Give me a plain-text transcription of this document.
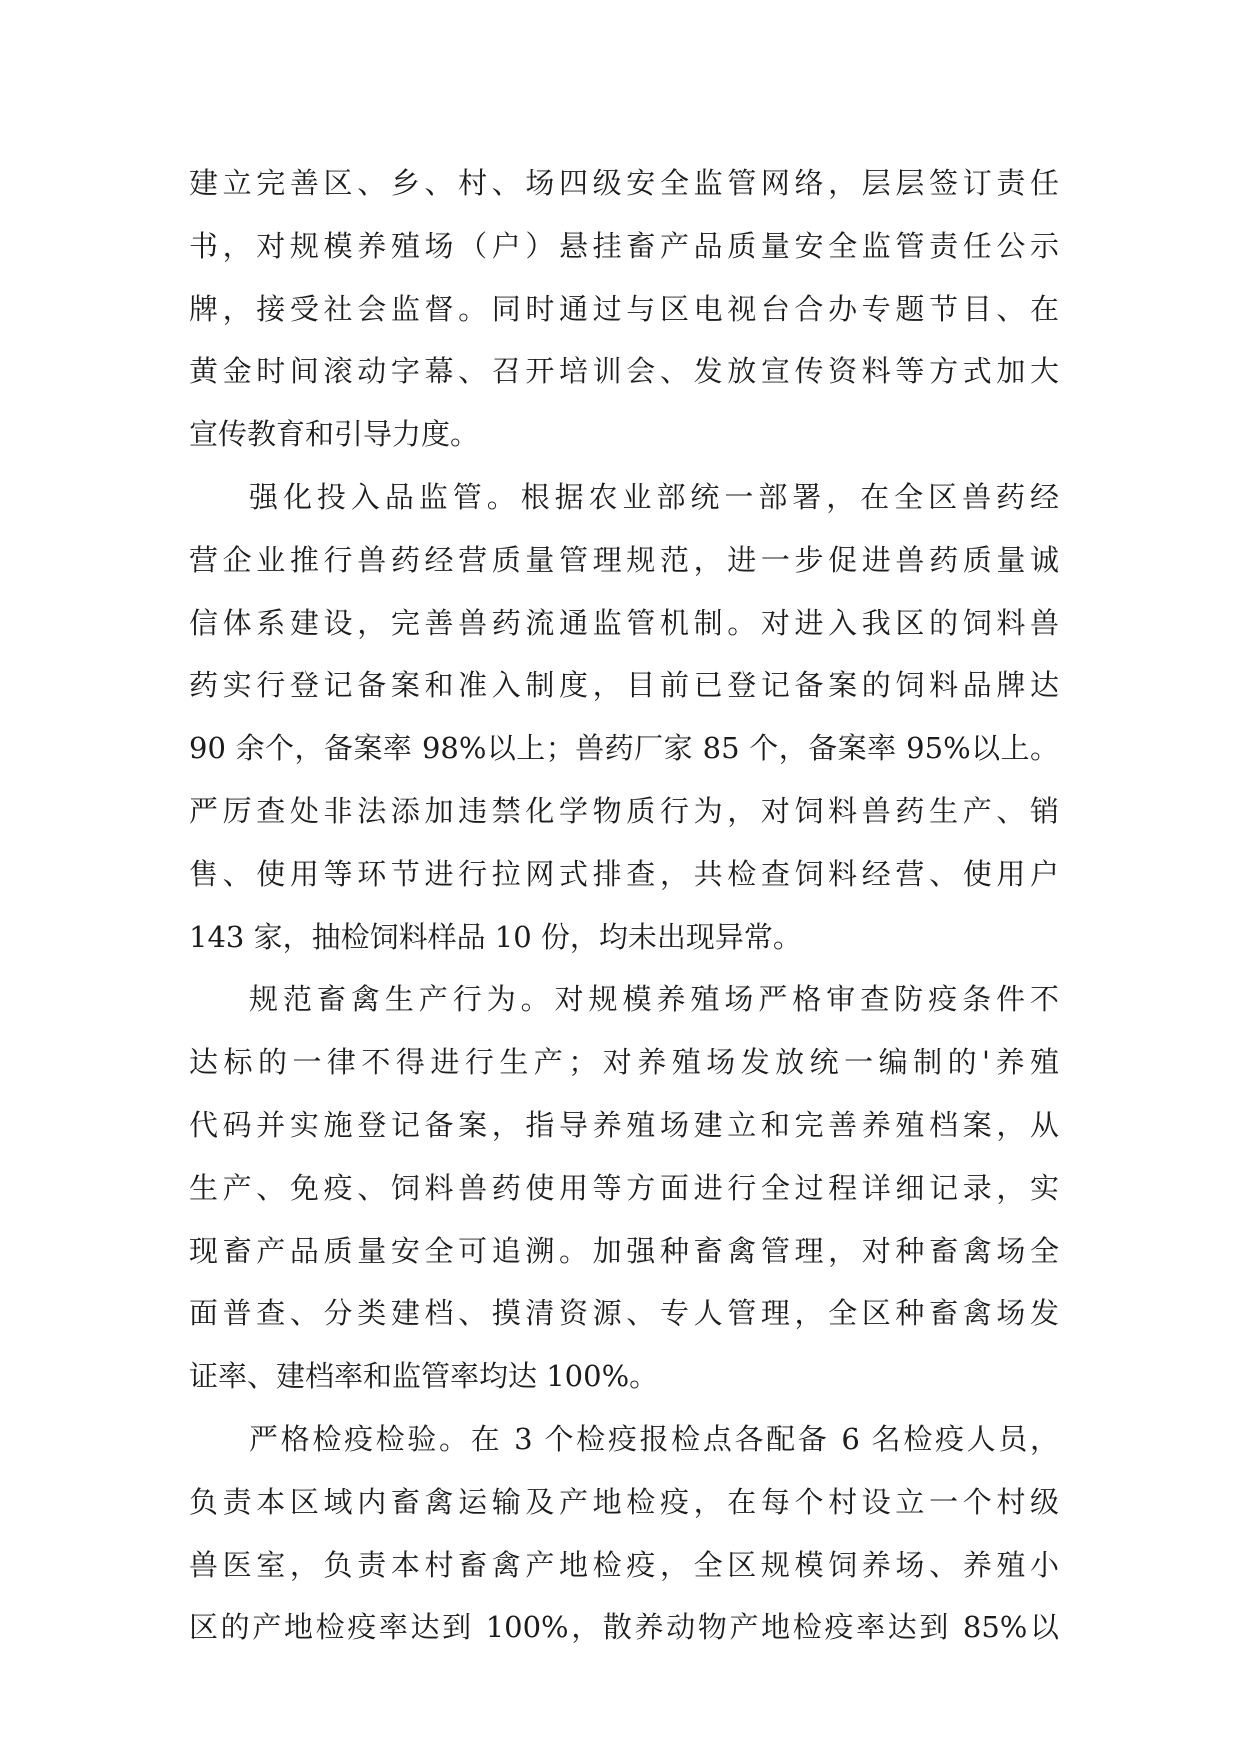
建立完善区、乡、村、场四级安全监管网络，层层签订责任
书，对规模养殖场（户）悬挂畜产品质量安全监管责任公示
牌，接受社会监督。同时通过与区电视台合办专题节目、在
黄金时间滚动字幕、召开培训会、发放宣传资料等方式加大
宣传教育和引导力度。
强化投入品监管。根据农业部统一部署，在全区兽药经
营企业推行兽药经营质量管理规范，进一步促进兽药质量诚
信体系建设，完善兽药流通监管机制。对进入我区的饲料兽
药实行登记备案和准入制度，目前已登记备案的饲料品牌达
90 余个，备案率 98%以上；兽药厂家 85 个，备案率 95%以上。
严厉查处非法添加违禁化学物质行为，对饲料兽药生产、销
售、使用等环节进行拉网式排查，共检查饲料经营、使用户
143 家，抽检饲料样品 10 份，均未出现异常。
规范畜禽生产行为。对规模养殖场严格审查防疫条件不
达标的一律不得进行生产；对养殖场发放统一编制的'养殖
代码并实施登记备案，指导养殖场建立和完善养殖档案，从
生产、免疫、饲料兽药使用等方面进行全过程详细记录，实
现畜产品质量安全可追溯。加强种畜禽管理，对种畜禽场全
面普查、分类建档、摸清资源、专人管理，全区种畜禽场发
证率、建档率和监管率均达 100%。
严格检疫检验。在 3 个检疫报检点各配备 6 名检疫人员，
负责本区域内畜禽运输及产地检疫，在每个村设立一个村级
兽医室，负责本村畜禽产地检疫，全区规模饲养场、养殖小
区的产地检疫率达到 100%，散养动物产地检疫率达到 85%以
